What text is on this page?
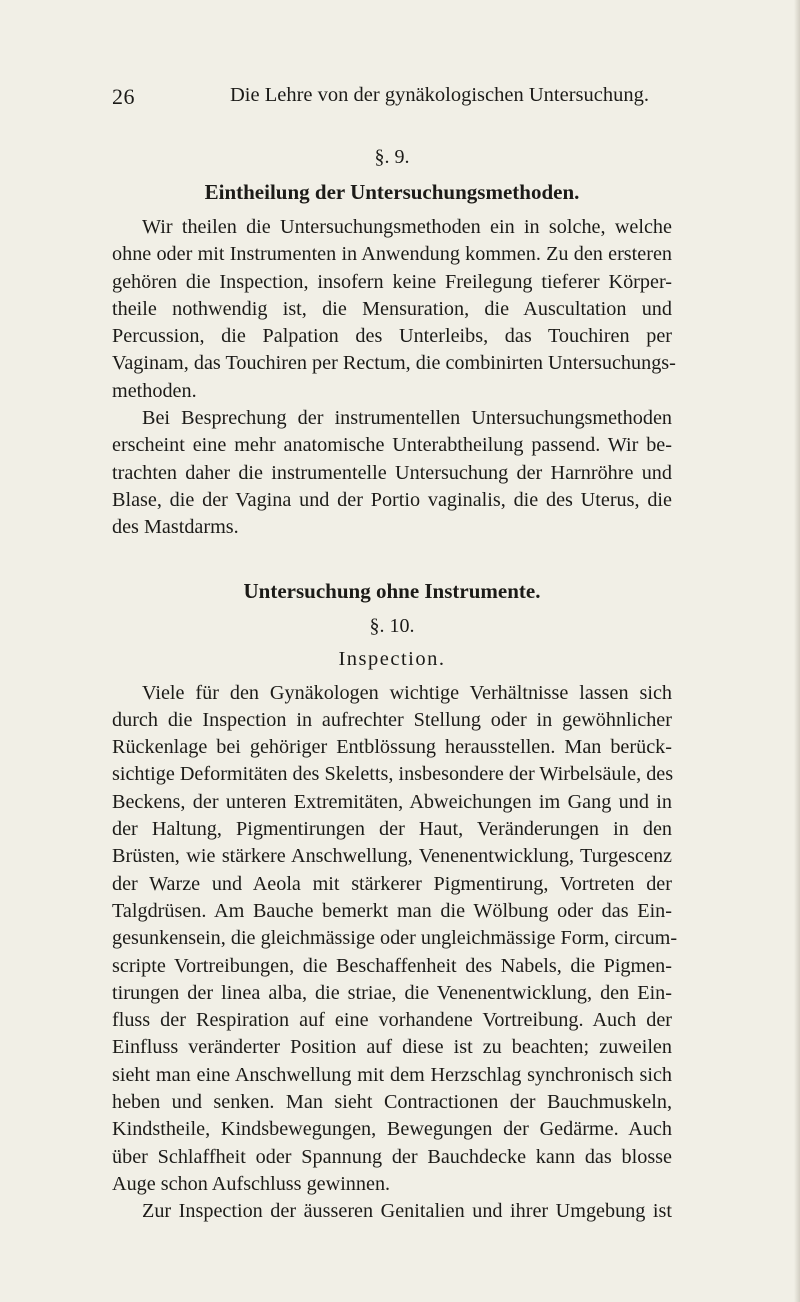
26	Die Lehre von der gynäkologischen Untersuchung.
§. 9.
Eintheilung der Untersuchungsmethoden.

Wir theilen die Untersuchungsmethoden ein in solche, welche
ohne oder mit Instrumenten in Anwendung kommen. Zu den ersteren
gehören die Inspection, insofern keine Freilegung tieferer Körper-
theile nothwendig ist, die Mensuration, die Auscultation und
Percussion, die Palpation des Unterleibs, das Touchiren per
Vaginam, das Touchiren per Rectum, die combinirten Untersuchungs-
methoden.

Bei Besprechung der instrumentellen Untersuchungsmethoden
erscheint eine mehr anatomische Unterabtheilung passend. Wir be-
trachten daher die instrumentelle Untersuchung der Harnröhre und
Blase, die der Vagina und der Portio vaginalis, die des Uterus, die
des Mastdarms.

Untersuchung ohne Instrumente.
§. 10.
Inspection.

Viele für den Gynäkologen wichtige Verhältnisse lassen sich
durch die Inspection in aufrechter Stellung oder in gewöhnlicher
Rückenlage bei gehöriger Entblössung herausstellen. Man berück-
sichtige Deformitäten des Skeletts, insbesondere der Wirbelsäule, des
Beckens, der unteren Extremitäten, Abweichungen im Gang und in
der Haltung, Pigmentirungen der Haut, Veränderungen in den
Brüsten, wie stärkere Anschwellung, Venenentwicklung, Turgescenz
der Warze und Aeola mit stärkerer Pigmentirung, Vortreten der
Talgdrüsen. Am Bauche bemerkt man die Wölbung oder das Ein-
gesunkensein, die gleichmässige oder ungleichmässige Form, circum-
scripte Vortreibungen, die Beschaffenheit des Nabels, die Pigmen-
tirungen der linea alba, die striae, die Venenentwicklung, den Ein-
fluss der Respiration auf eine vorhandene Vortreibung. Auch der
Einfluss veränderter Position auf diese ist zu beachten; zuweilen
sieht man eine Anschwellung mit dem Herzschlag synchronisch sich
heben und senken. Man sieht Contractionen der Bauchmuskeln,
Kindstheile, Kindsbewegungen, Bewegungen der Gedärme. Auch
über Schlaffheit oder Spannung der Bauchdecke kann das blosse
Auge schon Aufschluss gewinnen.

Zur Inspection der äusseren Genitalien und ihrer Umgebung ist
